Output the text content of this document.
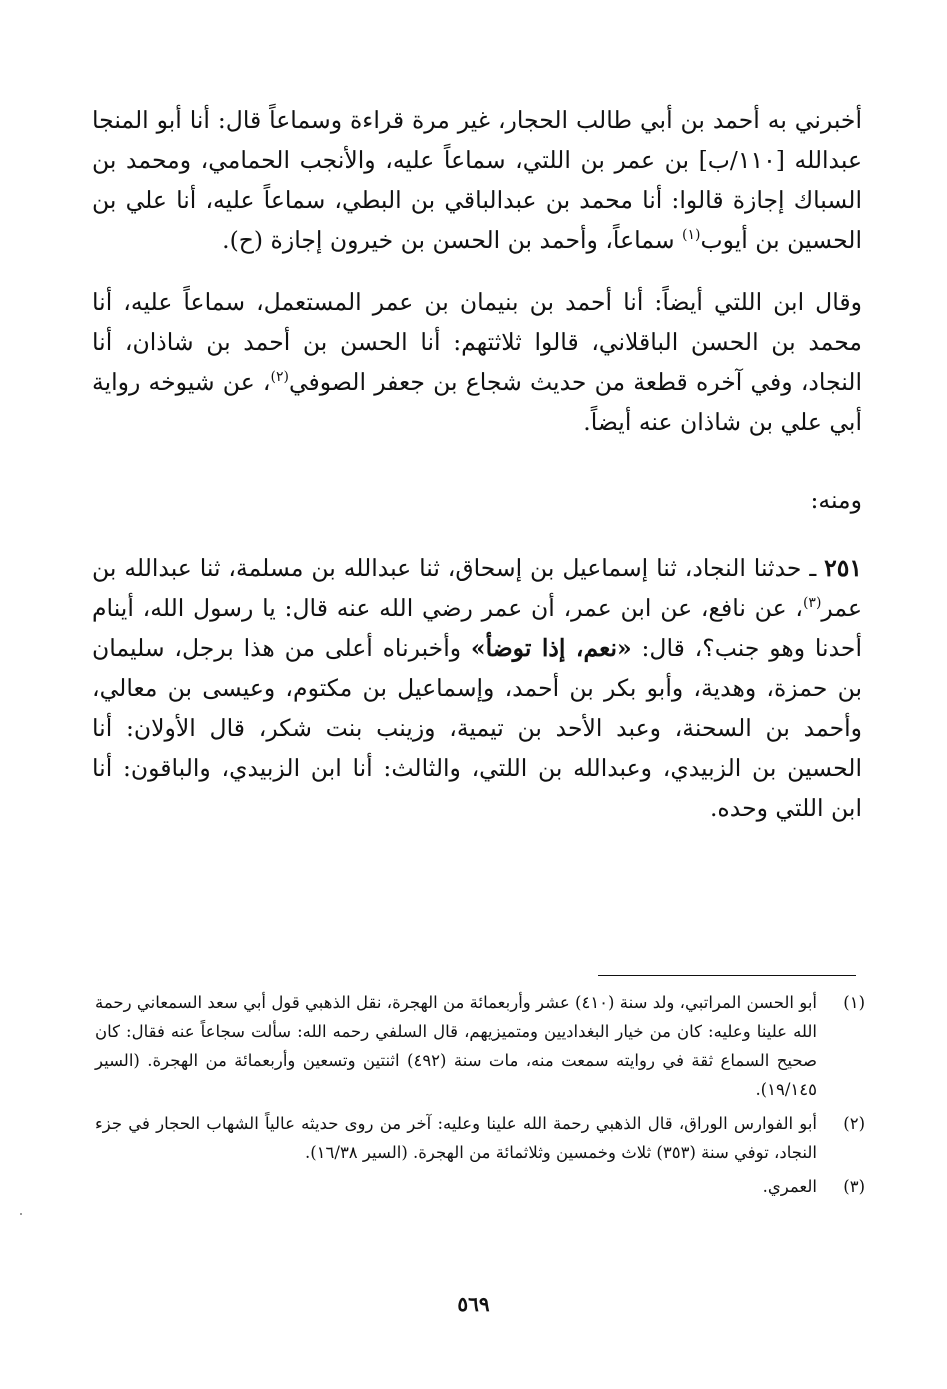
أخبرني به أحمد بن أبي طالب الحجار، غير مرة قراءة وسماعاً قال: أنا أبو المنجا عبدالله [١١٠/ب] بن عمر بن اللتي، سماعاً عليه، والأنجب الحمامي، ومحمد بن السباك إجازة قالوا: أنا محمد بن عبدالباقي بن البطي، سماعاً عليه، أنا علي بن الحسين بن أيوب$^{(١)}$ سماعاً، وأحمد بن الحسن بن خيرون إجازة (ح).

وقال ابن اللتي أيضاً: أنا أحمد بن بنيمان بن عمر المستعمل، سماعاً عليه، أنا محمد بن الحسن الباقلاني، قالوا ثلاثتهم: أنا الحسن بن أحمد بن شاذان، أنا النجاد، وفي آخره قطعة من حديث شجاع بن جعفر الصوفي$^{(٢)}$، عن شيوخه رواية أبي علي بن شاذان عنه أيضاً.

ومنه:

٢٥١ ـ حدثنا النجاد، ثنا إسماعيل بن إسحاق، ثنا عبدالله بن مسلمة، ثنا عبدالله بن عمر$^{(٣)}$، عن نافع، عن ابن عمر، أن عمر رضي الله عنه قال: يا رسول الله، أينام أحدنا وهو جنب؟، قال: «نعم، إذا توضأ» وأخبرناه أعلى من هذا برجل، سليمان بن حمزة، وهدية، وأبو بكر بن أحمد، وإسماعيل بن مكتوم، وعيسى بن معالي، وأحمد بن السحنة، وعبد الأحد بن تيمية، وزينب بنت شكر، قال الأولان: أنا الحسين بن الزبيدي، وعبدالله بن اللتي، والثالث: أنا ابن الزبيدي، والباقون: أنا ابن اللتي وحده.

(١)
أبو الحسن المراتبي، ولد سنة (٤١٠) عشر وأربعمائة من الهجرة، نقل الذهبي قول أبي سعد السمعاني رحمة الله علينا وعليه: كان من خيار البغداديين ومتميزيهم، قال السلفي رحمه الله: سألت سجاعاً عنه فقال: كان صحيح السماع ثقة في روايته سمعت منه، مات سنة (٤٩٢) اثنتين وتسعين وأربعمائة من الهجرة. (السير ١٩/١٤٥).
(٢)
أبو الفوارس الوراق، قال الذهبي رحمة الله علينا وعليه: آخر من روى حديثه عالياً الشهاب الحجار في جزء النجاد، توفي سنة (٣٥٣) ثلاث وخمسين وثلاثمائة من الهجرة. (السير ١٦/٣٨).
(٣)
العمري.
٥٦٩
